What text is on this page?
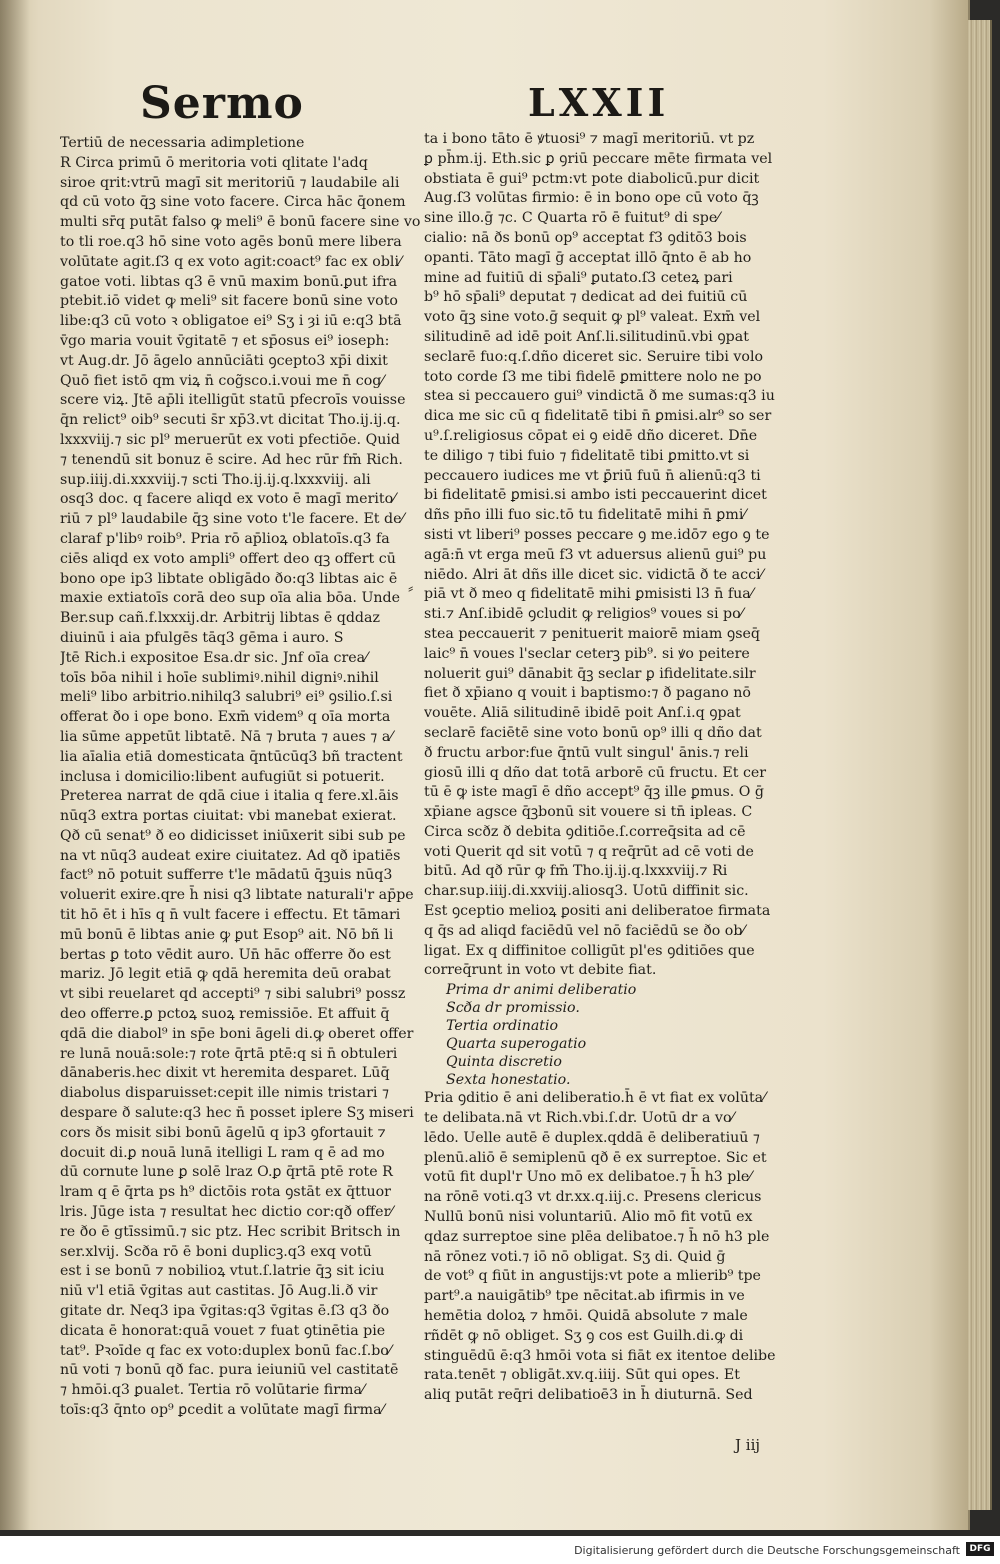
Sermo	LXXII
Tertiū de necessaria adimpletione
R Circa primū ō meritoria voti qlitate l'adq
siroe qrit:vtrū magī sit meritoriū ⁊ laudabile ali
qd cū voto q̄ꝫ sine voto facere. Circa hāc q̄onem
multi sr̄q putāt falso ꝙ meli⁹ ē bonū facere sine vo
to tli roe.q3 hō sine voto agēs bonū mere libera
volūtate agit.ſ3 q ex voto agit:coact⁹ fac ex obli⁄
gatoe voti. libtas q3 ē vnū maxim bonū.ꝑut ifra
ptebit.iō videt ꝙ meli⁹ sit facere bonū sine voto
libe:q3 cū voto ꝛ obligatoe ei⁹ Sʒ i ȝi iū e:q3 btā
v̄go maria vouit v̄gitatē ⁊ et sp̄osus ei⁹ ioseph:
vt Aug.dr. Jō āgelo annūciāti ꝯcepto3 xp̄i dixit
Quō fiet istō qm viꝝ n̄ cog̃sco.i.voui me n̄ cog⁄
scere viꝝ. Jtē ap̄li itelligūt statū pfecroīs vouisse
q̄n relict⁹ oib⁹ secuti s̄r xp̄3.vt dicitat Tho.ij.ij.q.
lxxxviij.⁊ sic pl⁹ meruerūt ex voti pfectiōe. Quid
⁊ tenendū sit bonuz ē scire. Ad hec rūr fm̄ Rich.
sup.iiij.di.xxxviij.⁊ scti Tho.ij.ij.q.lxxxviij. ali
osq3 doc. q facere aliqd ex voto ē magī merito⁄
riū ⁊ pl⁹ laudabile q̄ꝫ sine voto t'le facere. Et de⁄
claraf p'libꝰ roib⁹. Pria rō ap̄lioꝝ oblatoīs.q3 fa
ciēs aliqd ex voto ampli⁹ offert deo qꝫ offert cū
bono ope ip3 libtate obligādo ðo:q3 libtas aic ē
maxie extiatoīs corā deo sup oīa alia bōa. Unde
Ber.sup cañ.f.lxxxij.dr. Arbitrij libtas ē qddaz
diuinū i aia pfulgēs tāq3 gēma i auro. S
Jtē Rich.i expositoe Esa.dr sic. Jnf oīa crea⁄
toīs bōa nihil i hoīe sublimiꝰ.nihil digniꝰ.nihil
meli⁹ libo arbitrio.nihilq3 salubri⁹ ei⁹ ꝯsilio.ſ.si
offerat ðo i ope bono. Exm̄ videm⁹ q oīa morta
lia sūme appetūt libtatē. Nā ⁊ bruta ⁊ aues ⁊ a⁄
lia aīalia etiā domesticata q̄ntūcūq3 bñ tractent
inclusa i domicilio:libent aufugiūt si potuerit.
Preterea narrat de qdā ciue i italia q fere.xl.āis
nūq3 extra portas ciuitat: vbi manebat exierat.
Qð cū senat⁹ ð eo didicisset iniūxerit sibi sub pe
na vt nūq3 audeat exire ciuitatez. Ad qð ipatiēs
fact⁹ nō potuit sufferre t'le mādatū q̄ꝫuis nūq3
voluerit exire.qre h̄ nisi q3 libtate naturali'r ap̄pe
tit hō ēt i hīs q n̄ vult facere i effectu. Et tāmari
mū bonū ē libtas anie ꝙ ꝑut Esop⁹ ait. Nō bñ li
bertas ꝑ toto vēdit auro. Un̄ hāc offerre ðo est
mariz. Jō legit etiā ꝙ qdā heremita deū orabat
vt sibi reuelaret qd accepti⁹ ⁊ sibi salubri⁹ possz
deo offerre.ꝑ pctoꝝ suoꝝ remissiōe. Et affuit q̄
qdā die diabol⁹ in sp̄e boni āgeli di.ꝙ oberet offer
re lunā nouā:sole:⁊ rote q̄rtā ptē:q si n̄ obtuleri
dānaberis.hec dixit vt heremita desparet. Lūq̄
diabolus disparuisset:cepit ille nimis tristari ⁊
despare ð salute:q3 hec n̄ posset iplere Sʒ miseri
cors ðs misit sibi bonū āgelū q ip3 ꝯfortauit ⁊
docuit di.ꝑ nouā lunā itelligi L ram q ē ad mo
dū cornute lune ꝑ solē lraz O.ꝑ q̄rtā ptē rote R
lram q ē q̄rta ps h⁹ dictōis rota ꝯstāt ex q̄ttuor
lris. Jūge ista ⁊ resultat hec dictio cor:qð offer⁄
re ðo ē gtīssimū.⁊ sic ptz. Hec scribit Britsch in
ser.xlvij. Scða rō ē boni duplicꝫ.q3 exq votū
est i se bonū ⁊ nobilioꝝ vtut.ſ.latrie q̄ꝫ sit iciu
niū v'l etiā v̄gitas aut castitas. Jō Aug.li.ð vir
gitate dr. Neq3 ipa v̄gitas:q3 v̄gitas ē.ſ3 q3 ðo
dicata ē honorat:quā vouet ⁊ fuat ꝯtinētia pie
tat⁹. Pꝛoīde q fac ex voto:duplex bonū fac.ſ.bo⁄
nū voti ⁊ bonū qð fac. pura ieiuniū vel castitatē
⁊ hmōi.q3 ꝑualet. Tertia rō volūtarie firma⁄
toīs:q3 q̄nto op⁹ ꝑcedit a volūtate magī firma⁄
⸗
ta i bono tāto ē ꝟtuosi⁹ ⁊ magī meritoriū. vt pz
ꝑ ph̄m.ij. Eth.sic ꝑ ꝯriū peccare mēte firmata vel
obstiata ē gui⁹ pctm:vt pote diabolicū.pur dicit
Aug.ſ3 volūtas firmio: ē in bono ope cū voto q̄ꝫ
sine illo.ḡ ⁊c. C Quarta rō ē fuitut⁹ di spe⁄
cialio: nā ðs bonū op⁹ acceptat f3 ꝯditō3 bois
opanti. Tāto magī ḡ acceptat illō q̄nto ē ab ho
mine ad fuitiū di sp̄ali⁹ ꝑutato.ſ3 ceteꝝ pari
b⁹ hō sp̄ali⁹ deputat ⁊ dedicat ad dei fuitiū cū
voto q̄ꝫ sine voto.ḡ sequit ꝙ pl⁹ valeat. Exm̄ vel
silitudinē ad idē poit Anſ.li.silitudinū.vbi ꝯpat
seclarē fuo:q.ſ.dño diceret sic. Seruire tibi volo
toto corde ſ3 me tibi fidelē ꝑmittere nolo ne po
stea si peccauero gui⁹ vindictā ð me sumas:q3 iu
dica me sic cū q fidelitatē tibi n̄ ꝑmisi.alr⁹ so ser
u⁹.ſ.religiosus cōpat ei ꝯ eidē dño diceret. Dn̄e
te diligo ⁊ tibi fuio ⁊ fidelitatē tibi ꝑmitto.vt si
peccauero iudices me vt ꝑ̄riū fuū n̄ alienū:q3 ti
bi fidelitatē ꝑmisi.si ambo isti peccauerint dicet
dñs pn̄o illi fuo sic.tō tu fidelitatē mihi n̄ ꝑmi⁄
sisti vt liberi⁹ posses peccare ꝯ me.idō⁊ ego ꝯ te
agā:n̄ vt erga meū f3 vt aduersus alienū gui⁹ pu
niēdo. Alri āt dñs ille dicet sic. vidictā ð te acci⁄
piā vt ð meo q fidelitatē mihi ꝑmisisti l3 n̄ fua⁄
sti.⁊ Anſ.ibidē ꝯcludit ꝙ religios⁹ voues si po⁄
stea peccauerit ⁊ penituerit maiorē miam ꝯseq̄
laic⁹ n̄ voues l'seclar ceterꝫ pib⁹. si ꝟo peitere
noluerit gui⁹ dānabit q̄ꝫ seclar ꝑ ifidelitate.silr
fiet ð xp̄iano q vouit i baptismo:⁊ ð pagano nō
vouēte. Aliā silitudinē ibidē poit Anſ.i.q ꝯpat
seclarē faciētē sine voto bonū op⁹ illi q dño dat
ð fructu arbor:fue q̄ntū vult singul' ānis.⁊ reli
giosū illi q dño dat totā arborē cū fructu. Et cer
tū ē ꝙ iste magī ē dño accept⁹ q̄ꝫ ille ꝑmus. O ḡ
xp̄iane agsce q̄ꝫbonū sit vouere si tn̄ ipleas. C
Circa scðz ð debita ꝯditiōe.ſ.correq̄sita ad cē
voti Querit qd sit votū ⁊ q req̄rūt ad cē voti de
bitū. Ad qð rūr ꝙ fm̄ Tho.ij.ij.q.lxxxviij.⁊ Ri
char.sup.iiij.di.xxviij.aliosq3. Uotū diffinit sic.
Est ꝯceptio melioꝝ ꝑositi ani deliberatoe firmata
q q̄s ad aliqd faciēdū vel nō faciēdū se ðo ob⁄
ligat. Ex q diffinitoe colligūt pl'es ꝯditiōes que
correq̄runt in voto vt debite fiat.
Prima dr animi deliberatio
Scða dr promissio.
Tertia ordinatio
Quarta superogatio
Quinta discretio
Sexta honestatio.
Pria ꝯditio ē ani deliberatio.h̄ ē vt fiat ex volūta⁄
te delibata.nā vt Rich.vbi.ſ.dr. Uotū dr a vo⁄
lēdo. Uelle autē ē duplex.qddā ē deliberatiuū ⁊
plenū.aliō ē semiplenū qð ē ex surreptoe. Sic et
votū fit dupl'r Uno mō ex delibatoe.⁊ h̄ h3 ple⁄
na rōnē voti.q3 vt dr.xx.q.iij.c. Presens clericus
Nullū bonū nisi voluntariū. Alio mō fit votū ex
qdaz surreptoe sine plēa delibatoe.⁊ h̄ nō h3 ple
nā rōnez voti.⁊ iō nō obligat. Sʒ di. Quid ḡ
de vot⁹ q fiūt in angustijs:vt pote a mlierib⁹ tpe
part⁹.a nauigātib⁹ tpe nēcitat.ab ifirmis in ve
hemētia doloꝝ ⁊ hmōi. Quidā absolute ⁊ male
rñdēt ꝙ nō obliget. Sʒ ꝯ cos est Guilh.di.ꝙ di
stinguēdū ē:q3 hmōi vota si fiāt ex itentoe delibe
rata.tenēt ⁊ obligāt.xv.q.iiij. Sūt qui opes. Et
aliq putāt req̄ri delibatioē3 in h̄ diuturnā. Sed
J iij
Digitalisierung gefördert durch die Deutsche Forschungsgemeinschaft	DFG
